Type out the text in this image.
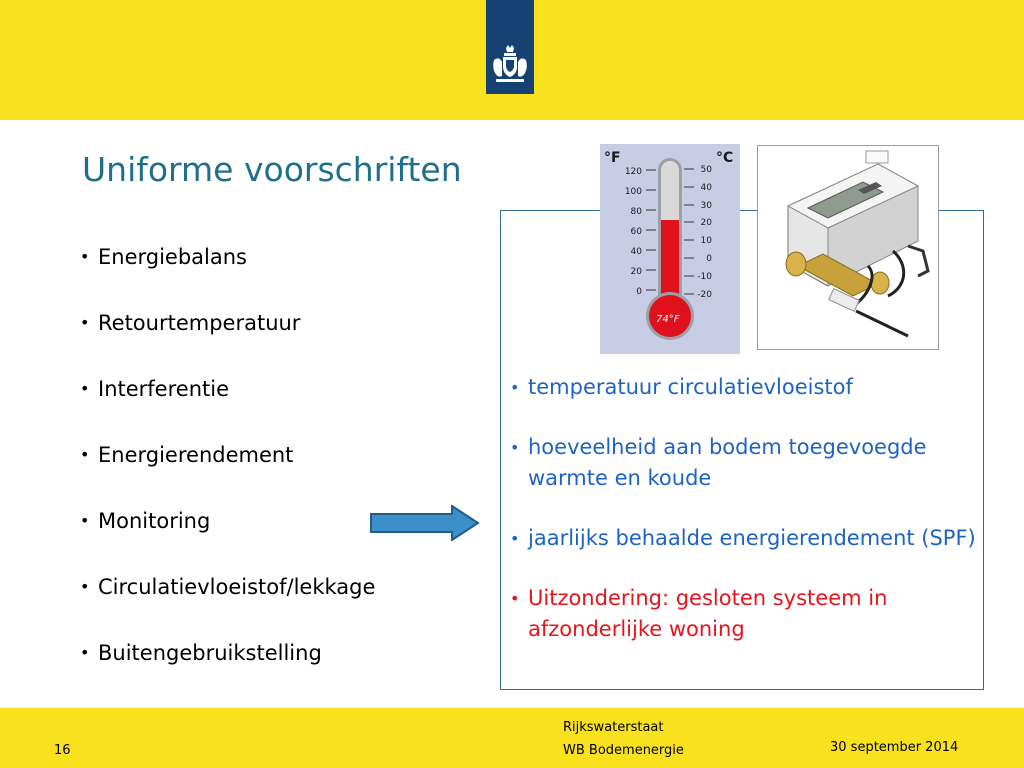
Uniforme voorschriften
• Energiebalans
• Retourtemperatuur
• Interferentie
• Energierendement
• Monitoring
• Circulatievloeistof/lekkage
• Buitengebruikstelling
°F	°C
74°F
120
100
80
60
40
20
0
50
40
30
20
10
0
-10
-20
• temperatuur circulatievloeistof
• hoeveelheid aan bodem toegevoegde warmte en koude
• jaarlijks behaalde energierendement (SPF)
• Uitzondering: gesloten systeem in afzonderlijke woning
16
Rijkswaterstaat
WB Bodemenergie	30 september 2014
